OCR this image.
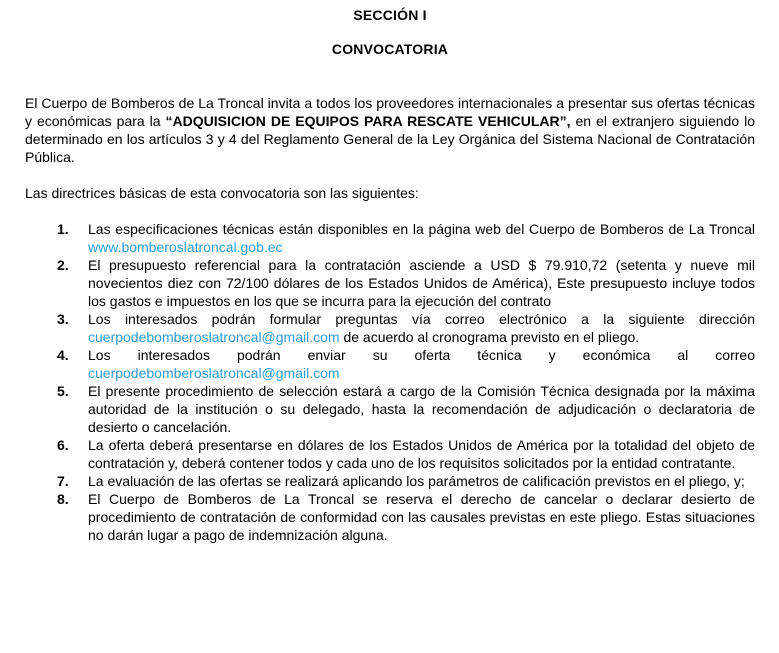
SECCIÓN I

CONVOCATORIA

El Cuerpo de Bomberos de La Troncal invita a todos los proveedores internacionales a presentar sus ofertas técnicas y económicas para la “ADQUISICION DE EQUIPOS PARA RESCATE VEHICULAR”, en el extranjero siguiendo lo determinado en los artículos 3 y 4 del Reglamento General de la Ley Orgánica del Sistema Nacional de Contratación Pública.
Las directrices básicas de esta convocatoria son las siguientes:
1.	Las especificaciones técnicas están disponibles en la página web del Cuerpo de Bomberos de La Troncal www.bomberoslatroncal.gob.ec
2.	El presupuesto referencial para la contratación asciende a USD $ 79.910,72 (setenta y nueve mil novecientos diez con 72/100 dólares de los Estados Unidos de América), Este presupuesto incluye todos los gastos e impuestos en los que se incurra para la ejecución del contrato
3.	Los interesados podrán formular preguntas vía correo electrónico a la siguiente dirección cuerpodebomberoslatroncal@gmail.com de acuerdo al cronograma previsto en el pliego.
4.	Los interesados podrán enviar su oferta técnica y económica al correo cuerpodebomberoslatroncal@gmail.com
5.	El presente procedimiento de selección estará a cargo de la Comisión Técnica designada por la máxima autoridad de la institución o su delegado, hasta la recomendación de adjudicación o declaratoria de desierto o cancelación.
6.	La oferta deberá presentarse en dólares de los Estados Unidos de América por la totalidad del objeto de contratación y, deberá contener todos y cada uno de los requisitos solicitados por la entidad contratante.
7.	La evaluación de las ofertas se realizará aplicando los parámetros de calificación previstos en el pliego, y;
8.	El Cuerpo de Bomberos de La Troncal se reserva el derecho de cancelar o declarar desierto de procedimiento de contratación de conformidad con las causales previstas en este pliego. Estas situaciones no darán lugar a pago de indemnización alguna.
